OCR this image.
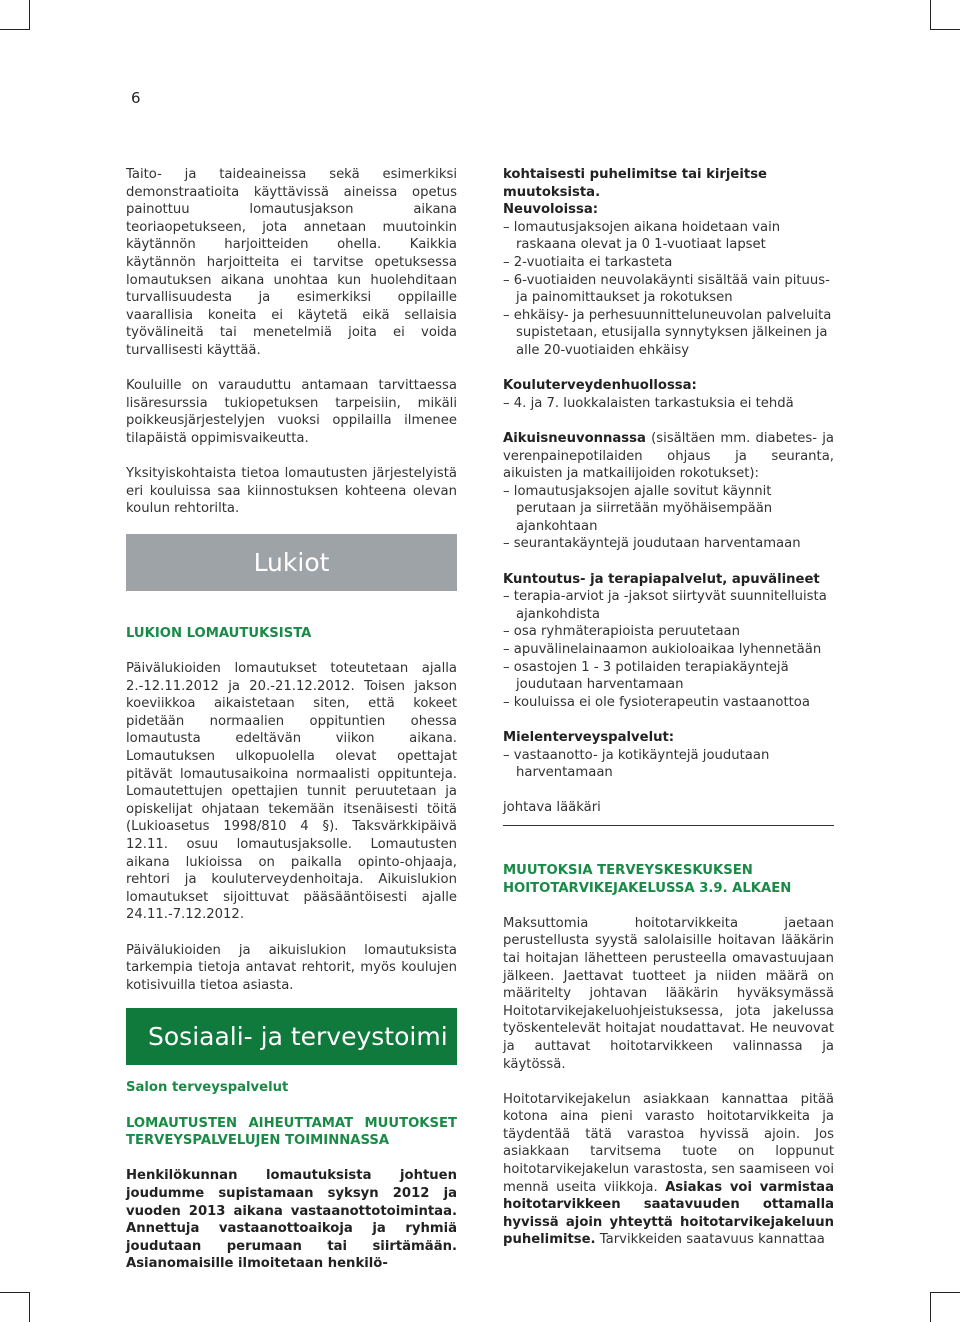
6

Taito- ja taideaineissa sekä esimerkiksi demonstraatioita käyttävissä aineissa opetus painottuu lomautusjakson aikana teoriaopetukseen, jota annetaan muutoinkin käytännön harjoitteiden ohella. Kaikkia käytännön harjoitteita ei tarvitse opetuksessa lomautuksen aikana unohtaa kun huolehditaan turvallisuudesta ja esimerkiksi oppilaille vaarallisia koneita ei käytetä eikä sellaisia työvälineitä tai menetelmiä joita ei voida turvallisesti käyttää.

Kouluille on varauduttu antamaan tarvittaessa lisäresurssia tukiopetuksen tarpeisiin, mikäli poikkeusjärjestelyjen vuoksi oppilailla ilmenee tilapäistä oppimisvaikeutta.

Yksityiskohtaista tietoa lomautusten järjestelyistä eri kouluissa saa kiinnostuksen kohteena olevan koulun rehtorilta.

Lukiot

LUKION LOMAUTUKSISTA

Päivälukioiden lomautukset toteutetaan ajalla 2.-12.11.2012 ja 20.-21.12.2012. Toisen jakson koeviikkoa aikaistetaan siten, että kokeet pidetään normaalien oppituntien ohessa lomautusta edeltävän viikon aikana. Lomautuksen ulkopuolella olevat opettajat pitävät lomautusaikoina normaalisti oppitunteja. Lomautettujen opettajien tunnit peruutetaan ja opiskelijat ohjataan tekemään itsenäisesti töitä (Lukioasetus 1998/810 4 §). Taksvärkkipäivä 12.11. osuu lomautusjaksolle. Lomautusten aikana lukioissa on paikalla opinto-ohjaaja, rehtori ja kouluterveydenhoitaja. Aikuislukion lomautukset sijoittuvat pääsääntöisesti ajalle 24.11.-7.12.2012.

Päivälukioiden ja aikuislukion lomautuksista tarkempia tietoja antavat rehtorit, myös koulujen kotisivuilla tietoa asiasta.

Sosiaali- ja terveystoimi

Salon terveyspalvelut

LOMAUTUSTEN AIHEUTTAMAT MUUTOKSET TERVEYSPALVELUJEN TOIMINNASSA

Henkilökunnan lomautuksista johtuen joudumme supistamaan syksyn 2012 ja vuoden 2013 aikana vastaanottotoimintaa. Annettuja vastaanottoaikoja ja ryhmiä joudutaan perumaan tai siirtämään. Asianomaisille ilmoitetaan henkilö-

kohtaisesti puhelimitse tai kirjeitse muutoksista.

Neuvoloissa:

– lomautusjaksojen aikana hoidetaan vain raskaana olevat ja 0 1-vuotiaat lapset
– 2-vuotiaita ei tarkasteta
– 6-vuotiaiden neuvolakäynti sisältää vain pituus- ja painomittaukset ja rokotuksen
– ehkäisy- ja perhesuunnitteluneuvolan palveluita supistetaan, etusijalla synnytyksen jälkeinen ja alle 20-vuotiaiden ehkäisy

Kouluterveydenhuollossa:

– 4. ja 7. luokkalaisten tarkastuksia ei tehdä

Aikuisneuvonnassa (sisältäen mm. diabetes- ja verenpainepotilaiden ohjaus ja seuranta, aikuisten ja matkailijoiden rokotukset):

– lomautusjaksojen ajalle sovitut käynnit perutaan ja siirretään myöhäisempään ajankohtaan
– seurantakäyntejä joudutaan harventamaan

Kuntoutus- ja terapiapalvelut, apuvälineet

– terapia-arviot ja -jaksot siirtyvät suunnitelluista ajankohdista
– osa ryhmäterapioista peruutetaan
– apuvälinelainaamon aukioloaikaa lyhennetään
– osastojen 1 - 3 potilaiden terapiakäyntejä joudutaan harventamaan
– kouluissa ei ole fysioterapeutin vastaanottoa

Mielenterveyspalvelut:

– vastaanotto- ja kotikäyntejä joudutaan harventamaan

johtava lääkäri

MUUTOKSIA TERVEYSKESKUKSEN HOITOTARVIKEJAKELUSSA 3.9. ALKAEN

Maksuttomia hoitotarvikkeita jaetaan perustellusta syystä salolaisille hoitavan lääkärin tai hoitajan lähetteen perusteella omavastuujaan jälkeen. Jaettavat tuotteet ja niiden määrä on määritelty johtavan lääkärin hyväksymässä Hoitotarvikejakeluohjeistuksessa, jota jakelussa työskentelevät hoitajat noudattavat. He neuvovat ja auttavat hoitotarvikkeen valinnassa ja käytössä.

Hoitotarvikejakelun asiakkaan kannattaa pitää kotona aina pieni varasto hoitotarvikkeita ja täydentää tätä varastoa hyvissä ajoin. Jos asiakkaan tarvitsema tuote on loppunut hoitotarvikejakelun varastosta, sen saamiseen voi mennä useita viikkoja. Asiakas voi varmistaa hoitotarvikkeen saatavuuden ottamalla hyvissä ajoin yhteyttä hoitotarvikejakeluun puhelimitse. Tarvikkeiden saatavuus kannattaa
